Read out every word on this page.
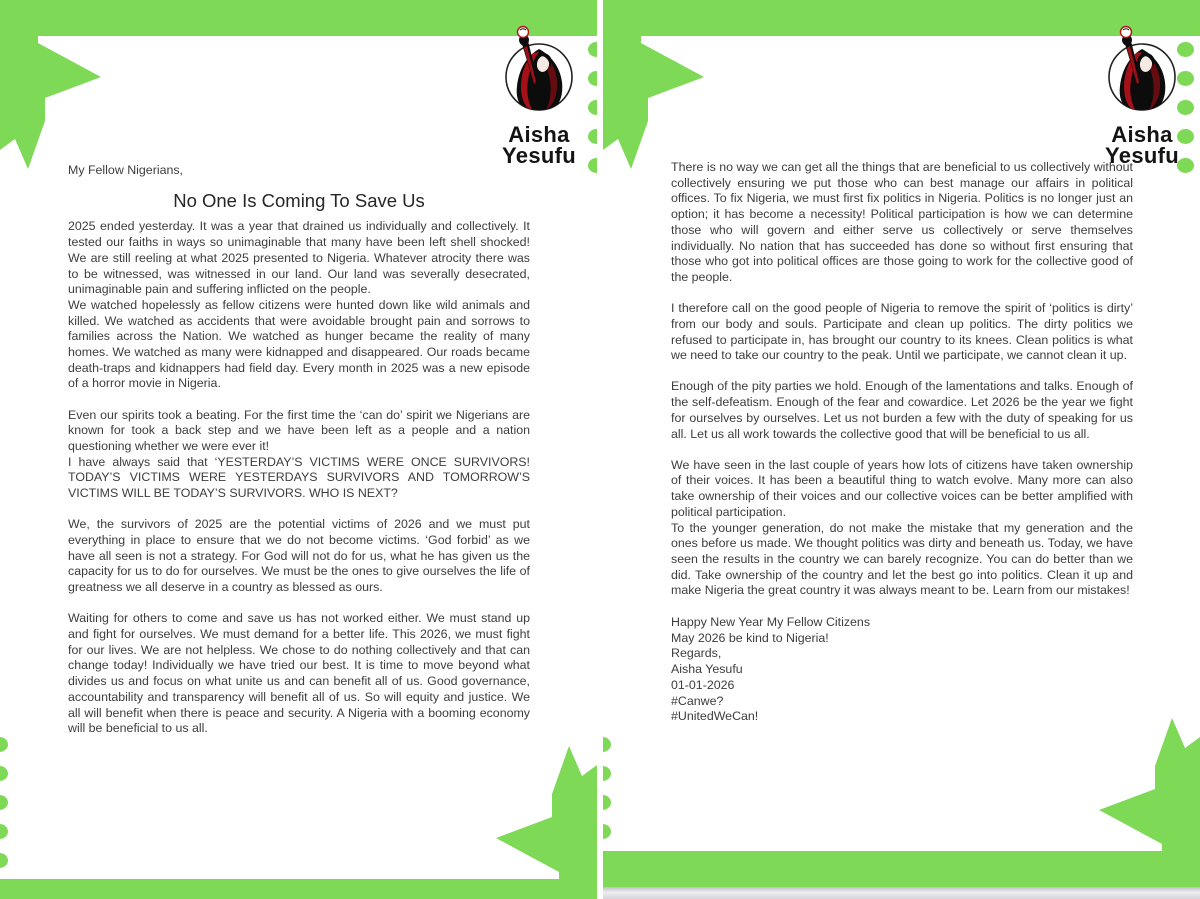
Aisha
Yesufu

My Fellow Nigerians,

No One Is Coming To Save Us

2025 ended yesterday. It was a year that drained us individually and collectively. It tested our faiths in ways so unimaginable that many have been left shell shocked! We are still reeling at what 2025 presented to Nigeria. Whatever atrocity there was to be witnessed, was witnessed in our land. Our land was severally desecrated, unimaginable pain and suffering inflicted on the people.

We watched hopelessly as fellow citizens were hunted down like wild animals and killed. We watched as accidents that were avoidable brought pain and sorrows to families across the Nation. We watched as hunger became the reality of many homes. We watched as many were kidnapped and disappeared. Our roads became death-traps and kidnappers had field day. Every month in 2025 was a new episode of a horror movie in Nigeria.

Even our spirits took a beating. For the first time the ‘can do’ spirit we Nigerians are known for took a back step and we have been left as a people and a nation questioning whether we were ever it!

I have always said that ‘YESTERDAY’S VICTIMS WERE ONCE SURVIVORS! TODAY’S VICTIMS WERE YESTERDAYS SURVIVORS AND TOMORROW’S VICTIMS WILL BE TODAY’S SURVIVORS. WHO IS NEXT?

We, the survivors of 2025 are the potential victims of 2026 and we must put everything in place to ensure that we do not become victims. ‘God forbid’ as we have all seen is not a strategy. For God will not do for us, what he has given us the capacity for us to do for ourselves. We must be the ones to give ourselves the life of greatness we all deserve in a country as blessed as ours.

Waiting for others to come and save us has not worked either. We must stand up and fight for ourselves. We must demand for a better life. This 2026, we must fight for our lives. We are not helpless. We chose to do nothing collectively and that can change today! Individually we have tried our best. It is time to move beyond what divides us and focus on what unite us and can benefit all of us. Good governance, accountability and transparency will benefit all of us. So will equity and justice. We all will benefit when there is peace and security. A Nigeria with a booming economy will be beneficial to us all.

Aisha
Yesufu

There is no way we can get all the things that are beneficial to us collectively without collectively ensuring we put those who can best manage our affairs in political offices. To fix Nigeria, we must first fix politics in Nigeria. Politics is no longer just an option; it has become a necessity! Political participation is how we can determine those who will govern and either serve us collectively or serve themselves individually. No nation that has succeeded has done so without first ensuring that those who got into political offices are those going to work for the collective good of the people.

I therefore call on the good people of Nigeria to remove the spirit of ‘politics is dirty’ from our body and souls. Participate and clean up politics. The dirty politics we refused to participate in, has brought our country to its knees. Clean politics is what we need to take our country to the peak. Until we participate, we cannot clean it up.

Enough of the pity parties we hold. Enough of the lamentations and talks. Enough of the self-defeatism. Enough of the fear and cowardice. Let 2026 be the year we fight for ourselves by ourselves. Let us not burden a few with the duty of speaking for us all. Let us all work towards the collective good that will be beneficial to us all.

We have seen in the last couple of years how lots of citizens have taken ownership of their voices. It has been a beautiful thing to watch evolve. Many more can also take ownership of their voices and our collective voices can be better amplified with political participation.

To the younger generation, do not make the mistake that my generation and the ones before us made. We thought politics was dirty and beneath us. Today, we have seen the results in the country we can barely recognize. You can do better than we did. Take ownership of the country and let the best go into politics. Clean it up and make Nigeria the great country it was always meant to be. Learn from our mistakes!

Happy New Year My Fellow Citizens
May 2026 be kind to Nigeria!
Regards,
Aisha Yesufu
01-01-2026
#Canwe?
#UnitedWeCan!
